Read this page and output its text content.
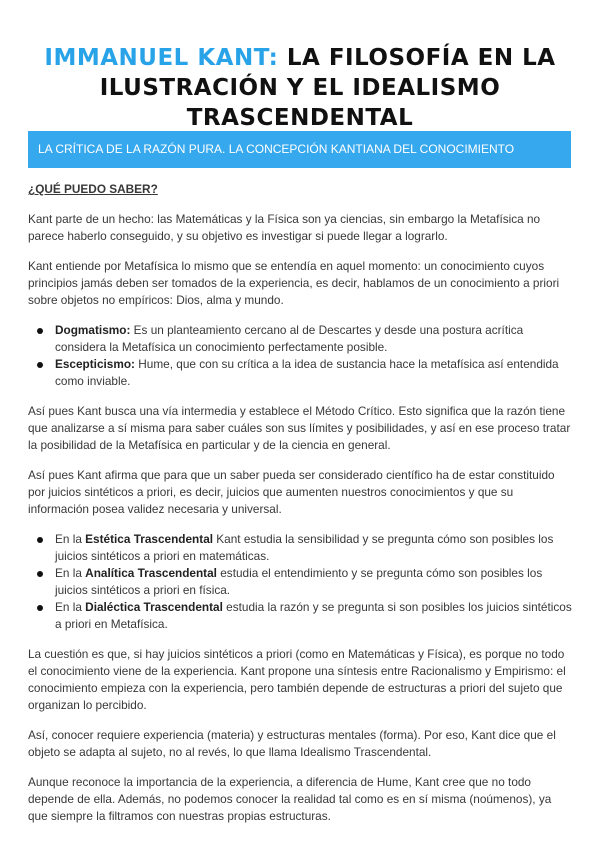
IMMANUEL KANT: LA FILOSOFÍA EN LA ILUSTRACIÓN Y EL IDEALISMO TRASCENDENTAL
LA CRÍTICA DE LA RAZÓN PURA. LA CONCEPCIÓN KANTIANA DEL CONOCIMIENTO

¿QUÉ PUEDO SABER?

Kant parte de un hecho: las Matemáticas y la Física son ya ciencias, sin embargo la Metafísica no parece haberlo conseguido, y su objetivo es investigar si puede llegar a lograrlo.

Kant entiende por Metafísica lo mismo que se entendía en aquel momento: un conocimiento cuyos principios jamás deben ser tomados de la experiencia, es decir, hablamos de un conocimiento a priori sobre objetos no empíricos: Dios, alma y mundo.

Dogmatismo: Es un planteamiento cercano al de Descartes y desde una postura acrítica considera la Metafísica un conocimiento perfectamente posible.
Escepticismo: Hume, que con su crítica a la idea de sustancia hace la metafísica así entendida como inviable.

Así pues Kant busca una vía intermedia y establece el Método Crítico. Esto significa que la razón tiene que analizarse a sí misma para saber cuáles son sus límites y posibilidades, y así en ese proceso tratar la posibilidad de la Metafísica en particular y de la ciencia en general.

Así pues Kant afirma que para que un saber pueda ser considerado científico ha de estar constituido por juicios sintéticos a priori, es decir, juicios que aumenten nuestros conocimientos y que su información posea validez necesaria y universal.

En la Estética Trascendental Kant estudia la sensibilidad y se pregunta cómo son posibles los juicios sintéticos a priori en matemáticas.
En la Analítica Trascendental estudia el entendimiento y se pregunta cómo son posibles los juicios sintéticos a priori en física.
En la Dialéctica Trascendental estudia la razón y se pregunta si son posibles los juicios sintéticos a priori en Metafísica.

La cuestión es que, si hay juicios sintéticos a priori (como en Matemáticas y Física), es porque no todo el conocimiento viene de la experiencia. Kant propone una síntesis entre Racionalismo y Empirismo: el conocimiento empieza con la experiencia, pero también depende de estructuras a priori del sujeto que organizan lo percibido.

Así, conocer requiere experiencia (materia) y estructuras mentales (forma). Por eso, Kant dice que el objeto se adapta al sujeto, no al revés, lo que llama Idealismo Trascendental.

Aunque reconoce la importancia de la experiencia, a diferencia de Hume, Kant cree que no todo depende de ella. Además, no podemos conocer la realidad tal como es en sí misma (noúmenos), ya que siempre la filtramos con nuestras propias estructuras.
